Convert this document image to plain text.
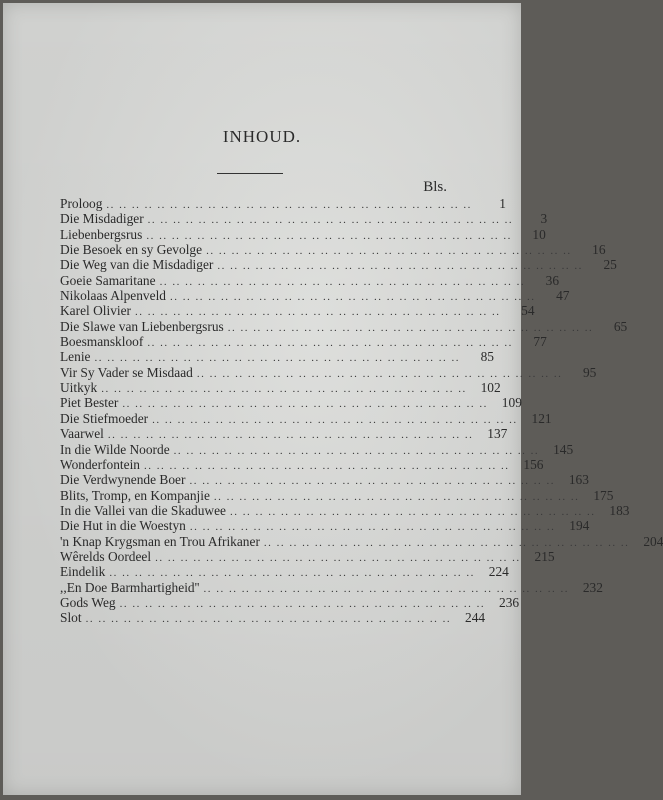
INHOUD.
Bls.
Proloog .. .. .. .. .. .. .. .. .. .. .. .. .. .. .. .. .. .. .. .. .. .. .. .. .. .. .. .. ..	1
Die Misdadiger .. .. .. .. .. .. .. .. .. .. .. .. .. .. .. .. .. .. .. .. .. .. .. .. .. .. .. .. ..	3
Liebenbergsrus .. .. .. .. .. .. .. .. .. .. .. .. .. .. .. .. .. .. .. .. .. .. .. .. .. .. .. .. ..	10
Die Besoek en sy Gevolge .. .. .. .. .. .. .. .. .. .. .. .. .. .. .. .. .. .. .. .. .. .. .. .. .. .. .. .. ..	16
Die Weg van die Misdadiger .. .. .. .. .. .. .. .. .. .. .. .. .. .. .. .. .. .. .. .. .. .. .. .. .. .. .. .. ..	25
Goeie Samaritane .. .. .. .. .. .. .. .. .. .. .. .. .. .. .. .. .. .. .. .. .. .. .. .. .. .. .. .. ..	36
Nikolaas Alpenveld .. .. .. .. .. .. .. .. .. .. .. .. .. .. .. .. .. .. .. .. .. .. .. .. .. .. .. .. ..	47
Karel Olivier .. .. .. .. .. .. .. .. .. .. .. .. .. .. .. .. .. .. .. .. .. .. .. .. .. .. .. .. ..	54
Die Slawe van Liebenbergsrus .. .. .. .. .. .. .. .. .. .. .. .. .. .. .. .. .. .. .. .. .. .. .. .. .. .. .. .. ..	65
Boesmanskloof .. .. .. .. .. .. .. .. .. .. .. .. .. .. .. .. .. .. .. .. .. .. .. .. .. .. .. .. ..	77
Lenie .. .. .. .. .. .. .. .. .. .. .. .. .. .. .. .. .. .. .. .. .. .. .. .. .. .. .. .. ..	85
Vir Sy Vader se Misdaad .. .. .. .. .. .. .. .. .. .. .. .. .. .. .. .. .. .. .. .. .. .. .. .. .. .. .. .. ..	95
Uitkyk .. .. .. .. .. .. .. .. .. .. .. .. .. .. .. .. .. .. .. .. .. .. .. .. .. .. .. .. ..	102
Piet Bester .. .. .. .. .. .. .. .. .. .. .. .. .. .. .. .. .. .. .. .. .. .. .. .. .. .. .. .. ..	109
Die Stiefmoeder .. .. .. .. .. .. .. .. .. .. .. .. .. .. .. .. .. .. .. .. .. .. .. .. .. .. .. .. ..	121
Vaarwel .. .. .. .. .. .. .. .. .. .. .. .. .. .. .. .. .. .. .. .. .. .. .. .. .. .. .. .. ..	137
In die Wilde Noorde .. .. .. .. .. .. .. .. .. .. .. .. .. .. .. .. .. .. .. .. .. .. .. .. .. .. .. .. ..	145
Wonderfontein .. .. .. .. .. .. .. .. .. .. .. .. .. .. .. .. .. .. .. .. .. .. .. .. .. .. .. .. ..	156
Die Verdwynende Boer .. .. .. .. .. .. .. .. .. .. .. .. .. .. .. .. .. .. .. .. .. .. .. .. .. .. .. .. ..	163
Blits, Tromp, en Kompanjie .. .. .. .. .. .. .. .. .. .. .. .. .. .. .. .. .. .. .. .. .. .. .. .. .. .. .. .. ..	175
In die Vallei van die Skaduwee .. .. .. .. .. .. .. .. .. .. .. .. .. .. .. .. .. .. .. .. .. .. .. .. .. .. .. .. ..	183
Die Hut in die Woestyn .. .. .. .. .. .. .. .. .. .. .. .. .. .. .. .. .. .. .. .. .. .. .. .. .. .. .. .. ..	194
'n Knap Krygsman en Trou Afrikaner .. .. .. .. .. .. .. .. .. .. .. .. .. .. .. .. .. .. .. .. .. .. .. .. .. .. .. .. ..	204
Wêrelds Oordeel .. .. .. .. .. .. .. .. .. .. .. .. .. .. .. .. .. .. .. .. .. .. .. .. .. .. .. .. ..	215
Eindelik .. .. .. .. .. .. .. .. .. .. .. .. .. .. .. .. .. .. .. .. .. .. .. .. .. .. .. .. ..	224
,,En Doe Barmhartigheid'' .. .. .. .. .. .. .. .. .. .. .. .. .. .. .. .. .. .. .. .. .. .. .. .. .. .. .. .. ..	232
Gods Weg .. .. .. .. .. .. .. .. .. .. .. .. .. .. .. .. .. .. .. .. .. .. .. .. .. .. .. .. ..	236
Slot .. .. .. .. .. .. .. .. .. .. .. .. .. .. .. .. .. .. .. .. .. .. .. .. .. .. .. .. ..	244
